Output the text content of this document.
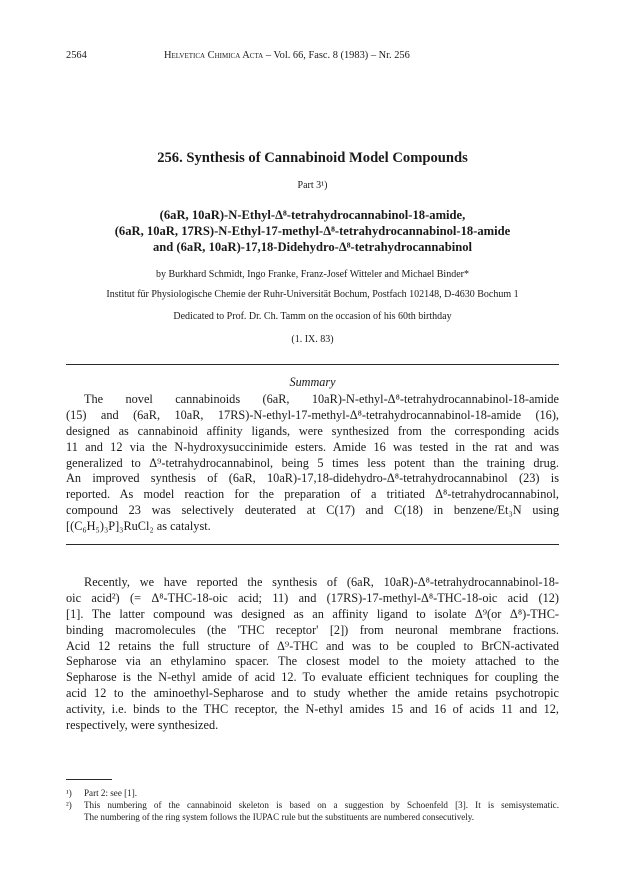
2564	Helvetica Chimica Acta – Vol. 66, Fasc. 8 (1983) – Nr. 256
256. Synthesis of Cannabinoid Model Compounds
Part 3¹)
(6aR, 10aR)-N-Ethyl-Δ⁸-tetrahydrocannabinol-18-amide,
(6aR, 10aR, 17RS)-N-Ethyl-17-methyl-Δ⁸-tetrahydrocannabinol-18-amide
and (6aR, 10aR)-17,18-Didehydro-Δ⁸-tetrahydrocannabinol
by Burkhard Schmidt, Ingo Franke, Franz-Josef Witteler and Michael Binder*
Institut für Physiologische Chemie der Ruhr-Universität Bochum, Postfach 102148, D-4630 Bochum 1
Dedicated to Prof. Dr. Ch. Tamm on the occasion of his 60th birthday
(1. IX. 83)
Summary
The novel cannabinoids (6aR, 10aR)-N-ethyl-Δ⁸-tetrahydrocannabinol-18-amide
(15) and (6aR, 10aR, 17RS)-N-ethyl-17-methyl-Δ⁸-tetrahydrocannabinol-18-amide (16),
designed as cannabinoid affinity ligands, were synthesized from the corresponding acids
11 and 12 via the N-hydroxysuccinimide esters. Amide 16 was tested in the rat and was
generalized to Δ⁹-tetrahydrocannabinol, being 5 times less potent than the training drug.
An improved synthesis of (6aR, 10aR)-17,18-didehydro-Δ⁸-tetrahydrocannabinol (23) is
reported. As model reaction for the preparation of a tritiated Δ⁸-tetrahydrocannabinol,
compound 23 was selectively deuterated at C(17) and C(18) in benzene/Et₃N using
[(C₆H₅)₃P]₃RuCl₂ as catalyst.
Recently, we have reported the synthesis of (6aR, 10aR)-Δ⁸-tetrahydrocannabinol-18-
oic acid²) (= Δ⁸-THC-18-oic acid; 11) and (17RS)-17-methyl-Δ⁸-THC-18-oic acid (12)
[1]. The latter compound was designed as an affinity ligand to isolate Δ⁹(or Δ⁸)-THC-
binding macromolecules (the 'THC receptor' [2]) from neuronal membrane fractions.
Acid 12 retains the full structure of Δ⁹-THC and was to be coupled to BrCN-activated
Sepharose via an ethylamino spacer. The closest model to the moiety attached to the
Sepharose is the N-ethyl amide of acid 12. To evaluate efficient techniques for coupling the
acid 12 to the aminoethyl-Sepharose and to study whether the amide retains psychotropic
activity, i.e. binds to the THC receptor, the N-ethyl amides 15 and 16 of acids 11 and 12,
respectively, were synthesized.
¹) Part 2: see [1].
²) This numbering of the cannabinoid skeleton is based on a suggestion by Schoenfeld [3]. It is semisystematic.
The numbering of the ring system follows the IUPAC rule but the substituents are numbered consecutively.
